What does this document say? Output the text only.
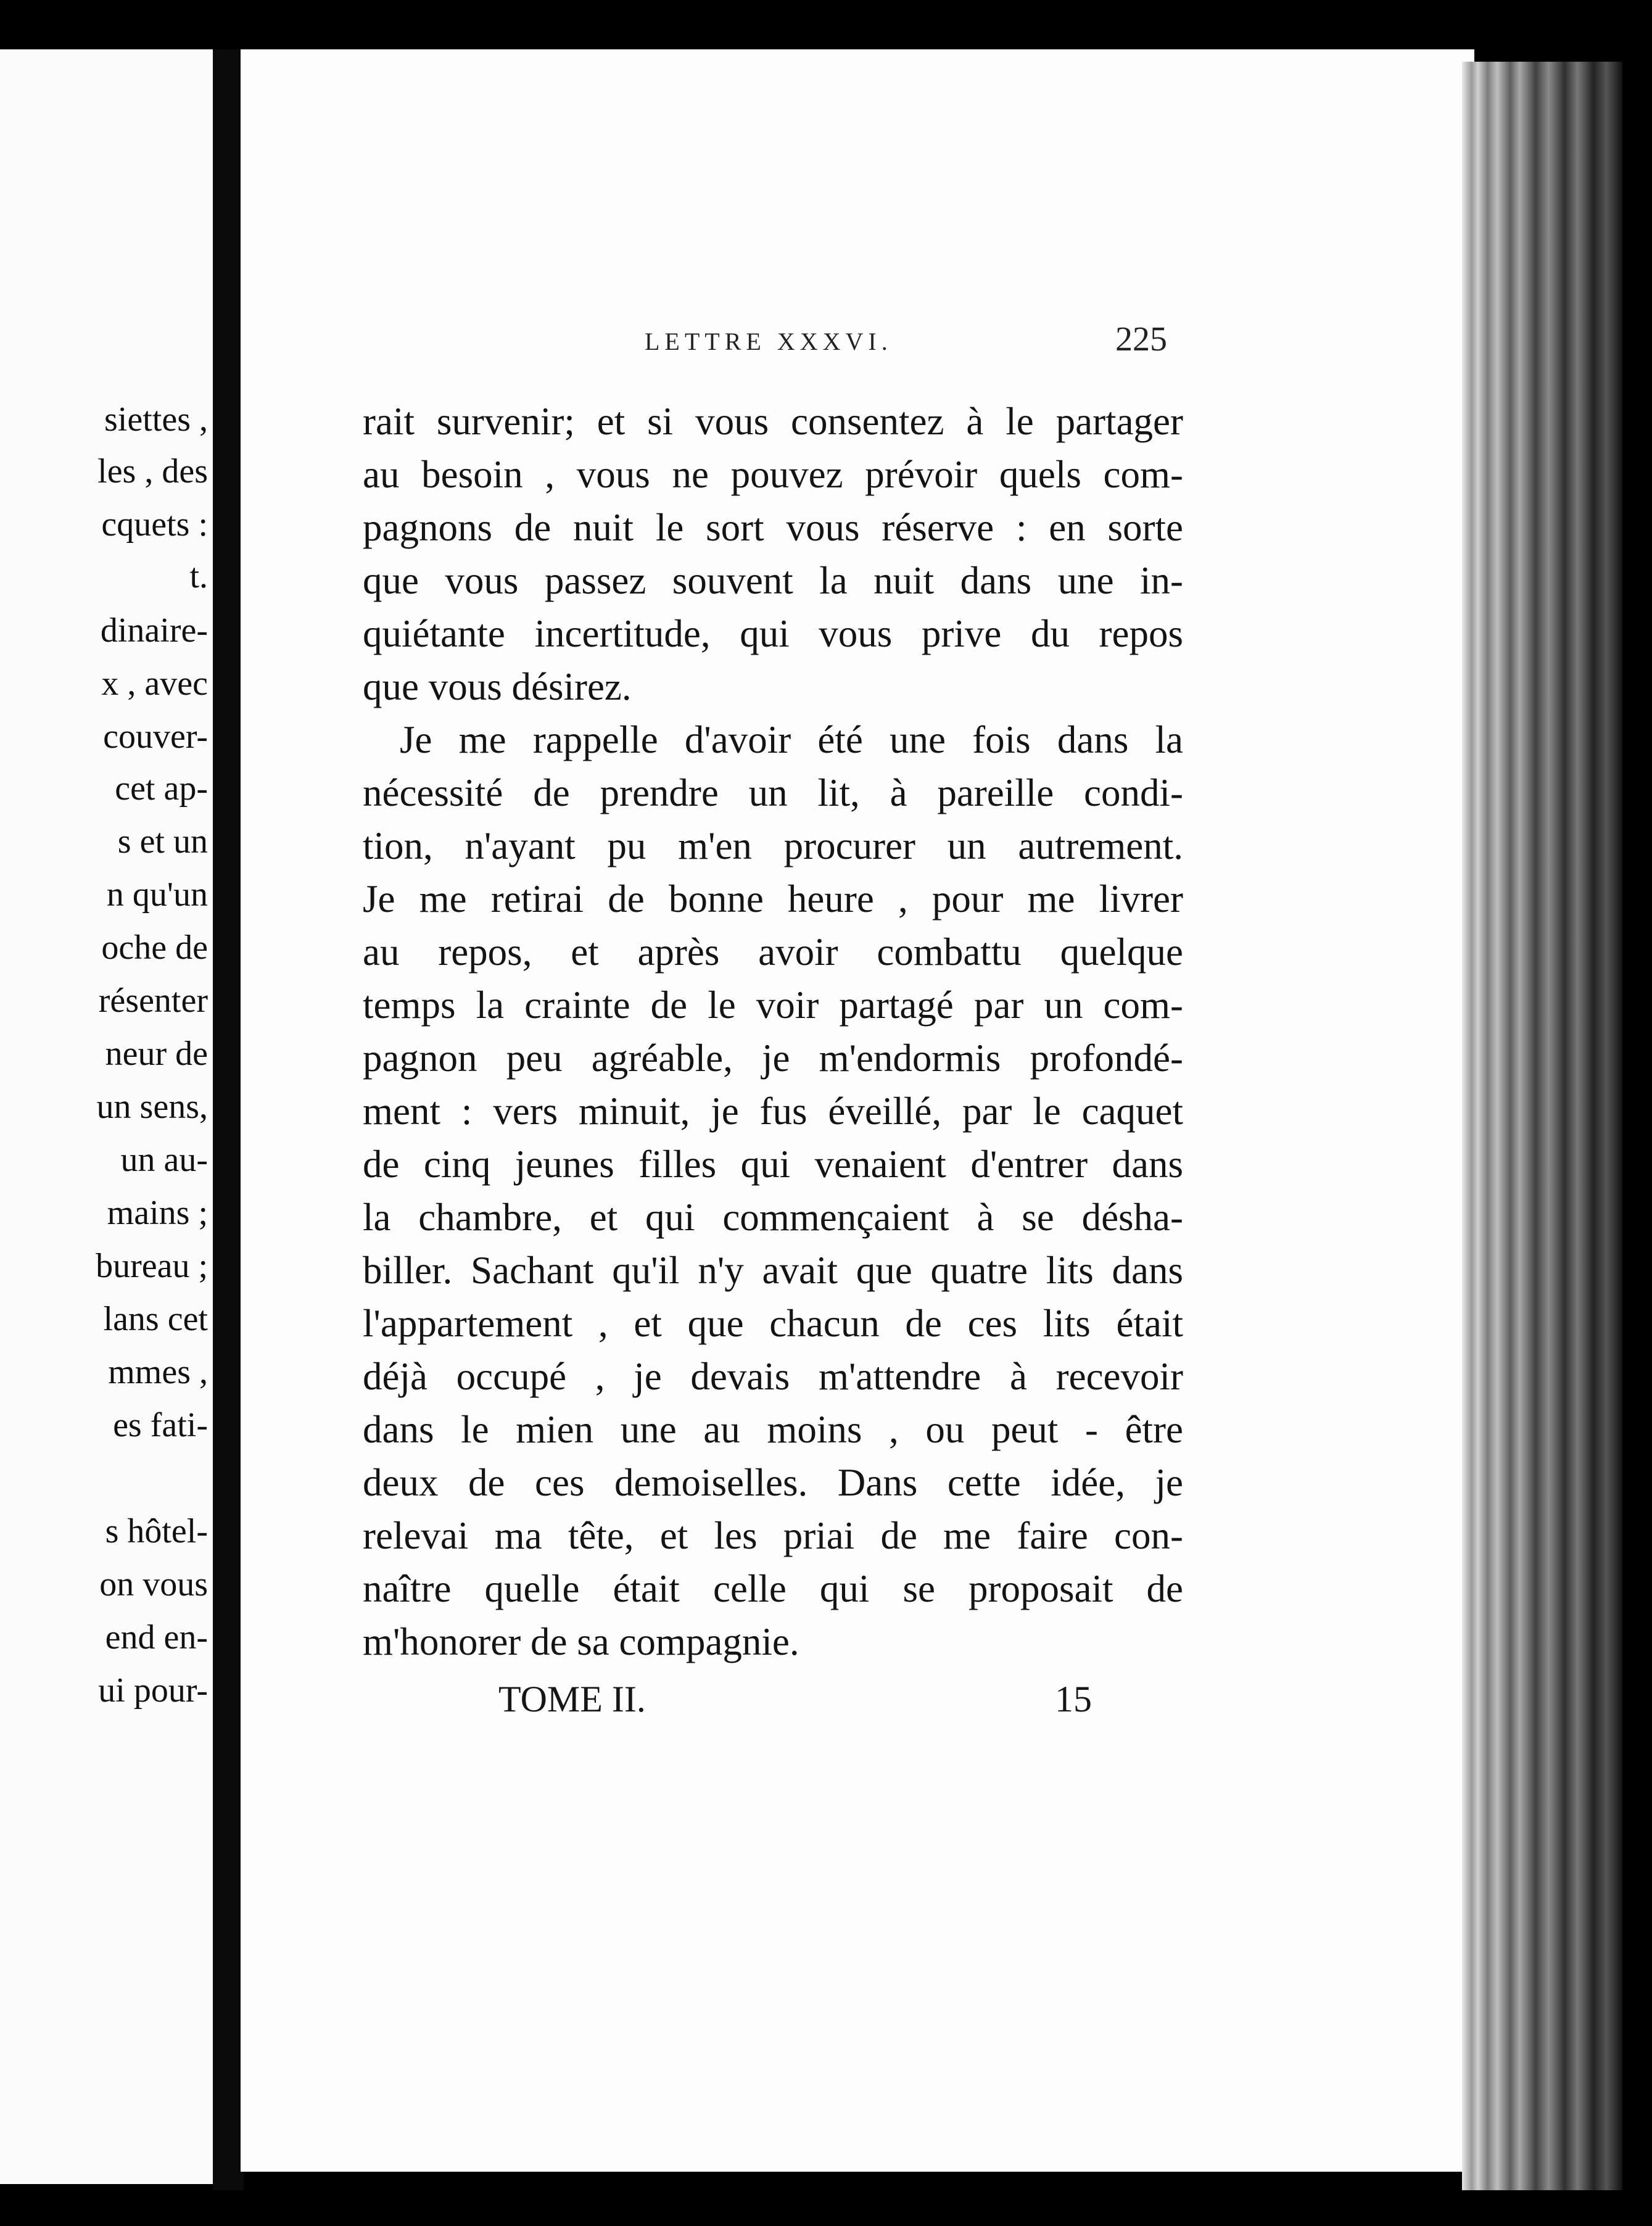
siettes ,
les , des
cquets :
t.
dinaire-
x , avec
couver-
cet ap-
s et un
n qu'un
oche de
résenter
neur de
un sens,
un au-
mains ;
bureau ;
lans cet
mmes ,
es fati-
s hôtel-
on vous
end en-
ui pour-
LETTRE XXXVI.	225
rait survenir; et si vous consentez à le partager
au besoin , vous ne pouvez prévoir quels com-
pagnons de nuit le sort vous réserve : en sorte
que vous passez souvent la nuit dans une in-
quiétante incertitude, qui vous prive du repos
que vous désirez.
Je me rappelle d'avoir été une fois dans la
nécessité de prendre un lit, à pareille condi-
tion, n'ayant pu m'en procurer un autrement.
Je me retirai de bonne heure , pour me livrer
au repos, et après avoir combattu quelque
temps la crainte de le voir partagé par un com-
pagnon peu agréable, je m'endormis profondé-
ment : vers minuit, je fus éveillé, par le caquet
de cinq jeunes filles qui venaient d'entrer dans
la chambre, et qui commençaient à se désha-
biller. Sachant qu'il n'y avait que quatre lits dans
l'appartement , et que chacun de ces lits était
déjà occupé , je devais m'attendre à recevoir
dans le mien une au moins , ou peut - être
deux de ces demoiselles. Dans cette idée, je
relevai ma tête, et les priai de me faire con-
naître quelle était celle qui se proposait de
m'honorer de sa compagnie.
TOME II.	15
